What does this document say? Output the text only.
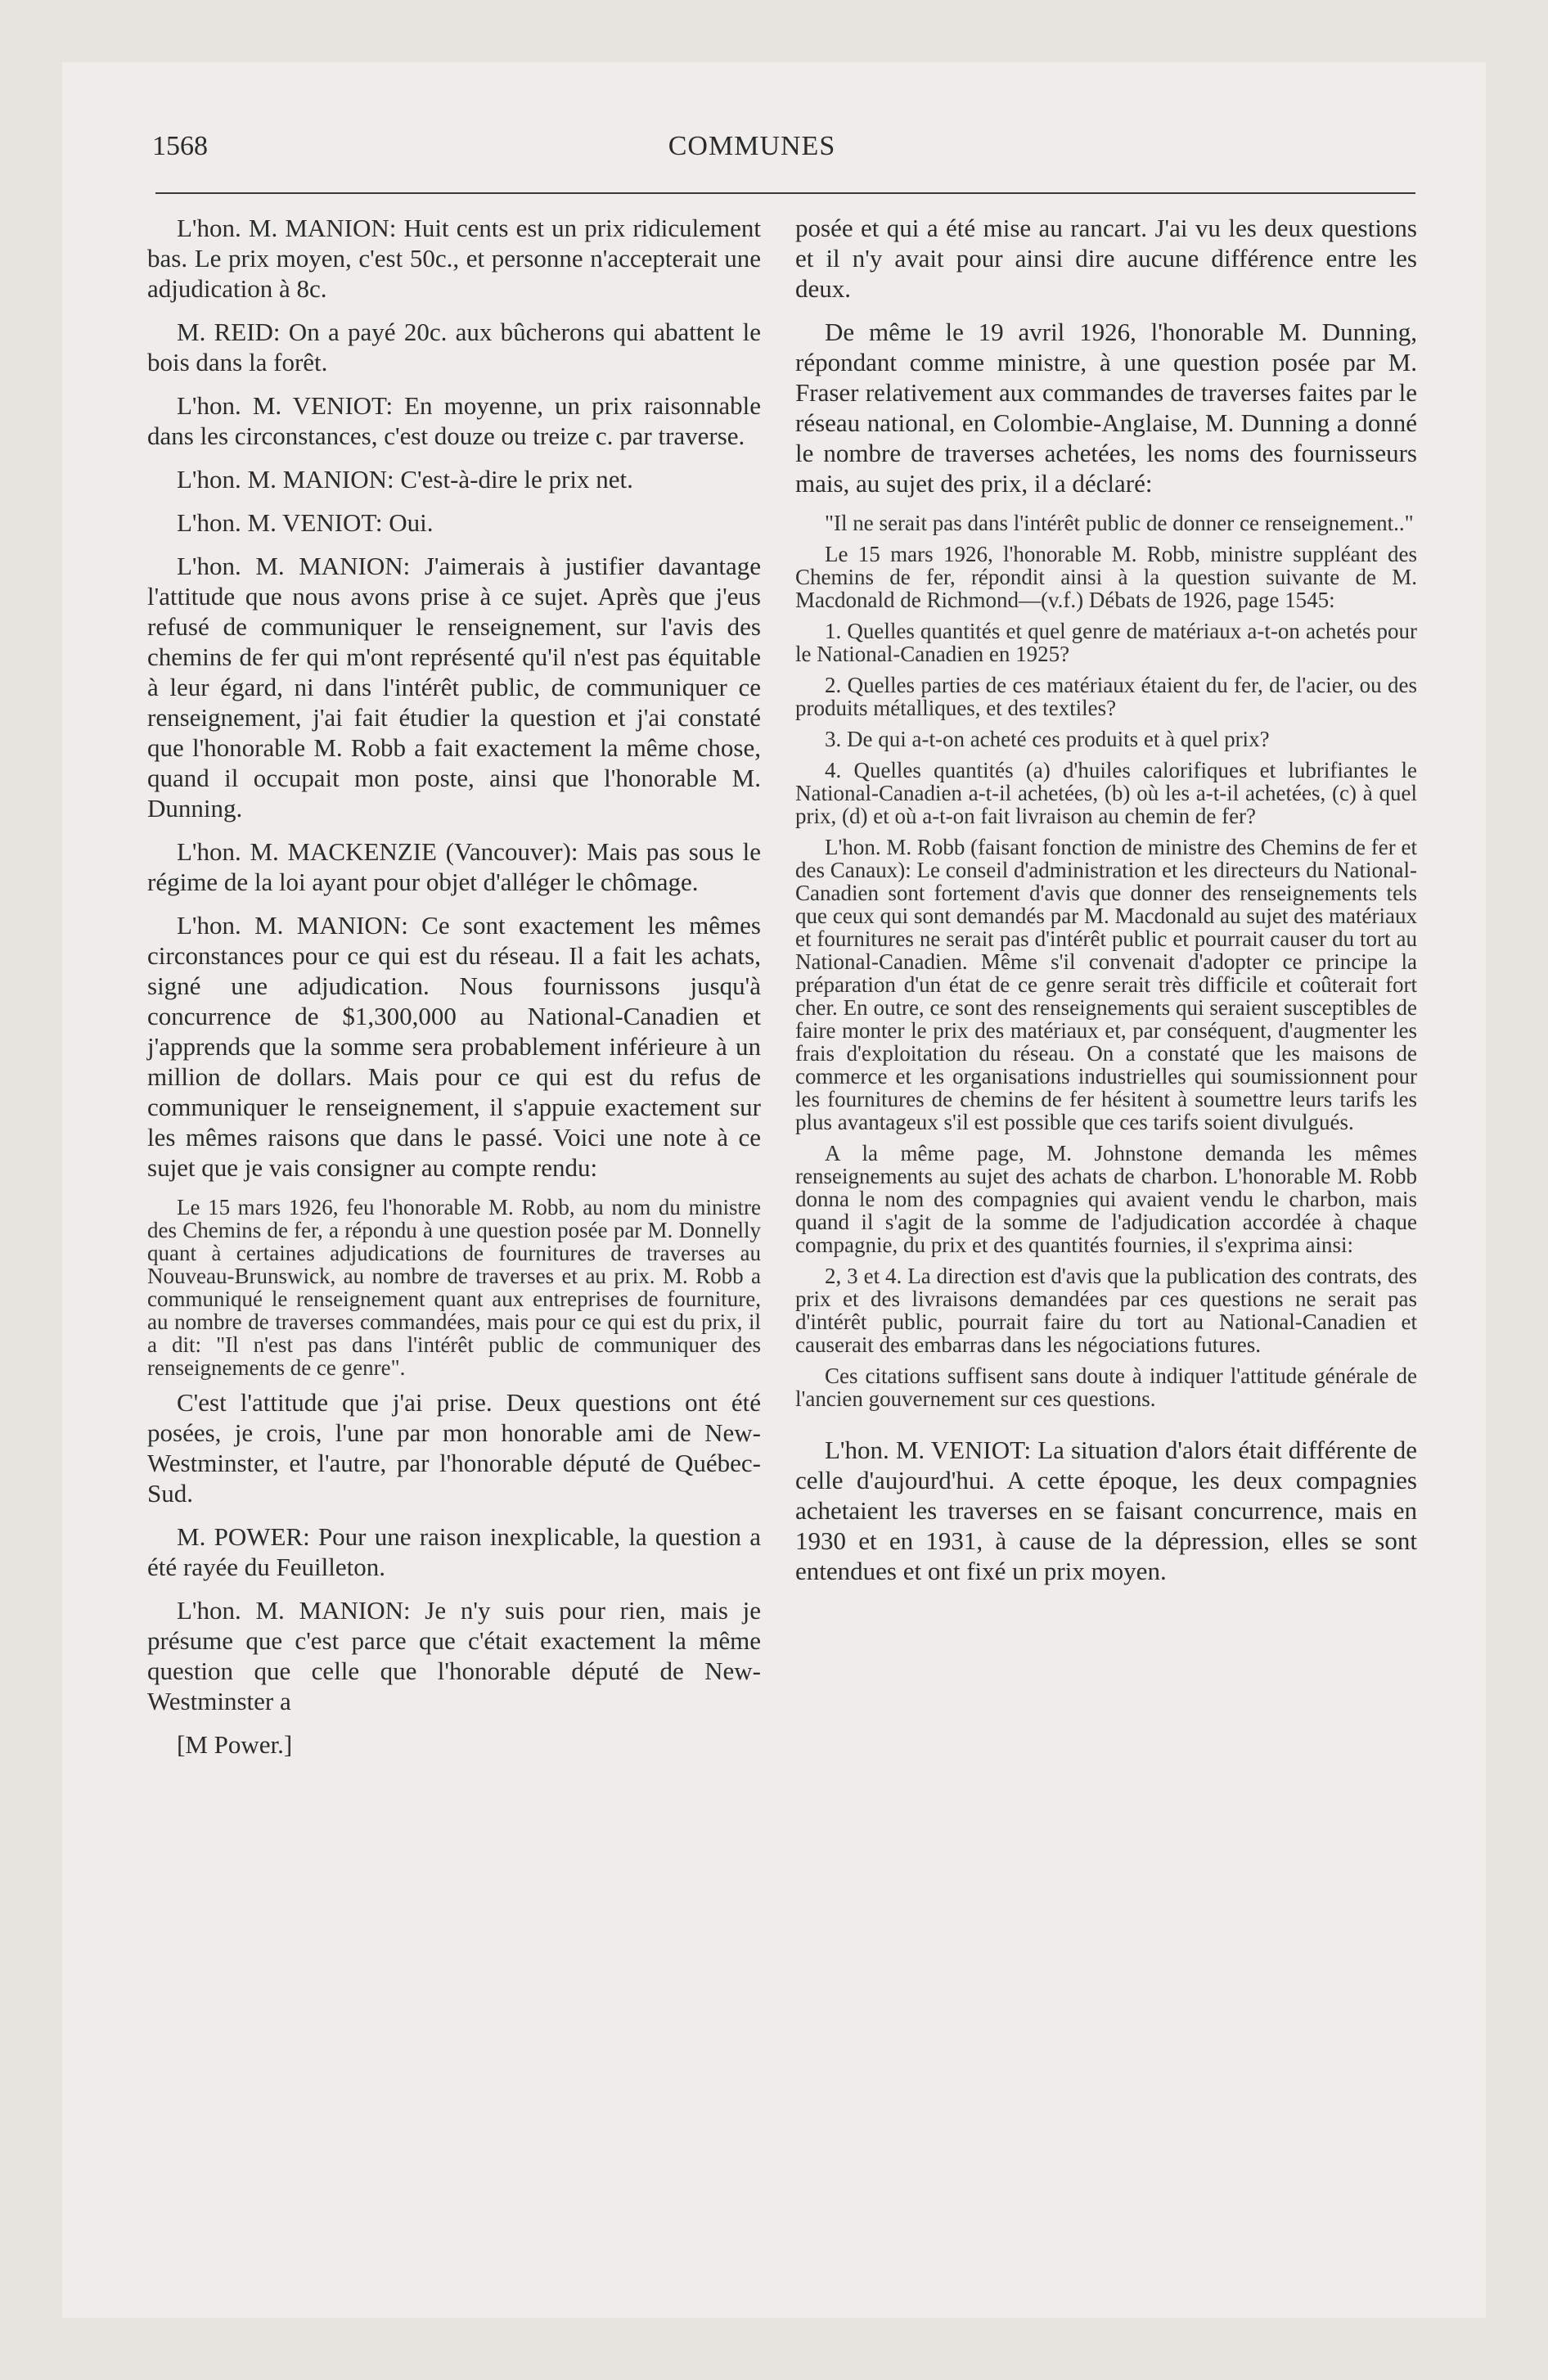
1568	COMMUNES

L'hon. M. MANION: Huit cents est un prix ridiculement bas. Le prix moyen, c'est 50c., et personne n'accepterait une adjudication à 8c.

M. REID: On a payé 20c. aux bûcherons qui abattent le bois dans la forêt.

L'hon. M. VENIOT: En moyenne, un prix raisonnable dans les circonstances, c'est douze ou treize c. par traverse.

L'hon. M. MANION: C'est-à-dire le prix net.

L'hon. M. VENIOT: Oui.

L'hon. M. MANION: J'aimerais à justifier davantage l'attitude que nous avons prise à ce sujet. Après que j'eus refusé de communiquer le renseignement, sur l'avis des chemins de fer qui m'ont représenté qu'il n'est pas équitable à leur égard, ni dans l'intérêt public, de communiquer ce renseignement, j'ai fait étudier la question et j'ai constaté que l'honorable M. Robb a fait exactement la même chose, quand il occupait mon poste, ainsi que l'honorable M. Dunning.

L'hon. M. MACKENZIE (Vancouver): Mais pas sous le régime de la loi ayant pour objet d'alléger le chômage.

L'hon. M. MANION: Ce sont exactement les mêmes circonstances pour ce qui est du réseau. Il a fait les achats, signé une adjudication. Nous fournissons jusqu'à concurrence de $1,300,000 au National-Canadien et j'apprends que la somme sera probablement inférieure à un million de dollars. Mais pour ce qui est du refus de communiquer le renseignement, il s'appuie exactement sur les mêmes raisons que dans le passé. Voici une note à ce sujet que je vais consigner au compte rendu:

Le 15 mars 1926, feu l'honorable M. Robb, au nom du ministre des Chemins de fer, a répondu à une question posée par M. Donnelly quant à certaines adjudications de fournitures de traverses au Nouveau-Brunswick, au nombre de traverses et au prix. M. Robb a communiqué le renseignement quant aux entreprises de fourniture, au nombre de traverses commandées, mais pour ce qui est du prix, il a dit: "Il n'est pas dans l'intérêt public de communiquer des renseignements de ce genre".

C'est l'attitude que j'ai prise. Deux questions ont été posées, je crois, l'une par mon honorable ami de New-Westminster, et l'autre, par l'honorable député de Québec-Sud.

M. POWER: Pour une raison inexplicable, la question a été rayée du Feuilleton.

L'hon. M. MANION: Je n'y suis pour rien, mais je présume que c'est parce que c'était exactement la même question que celle que l'honorable député de New-Westminster a

[M Power.]

posée et qui a été mise au rancart. J'ai vu les deux questions et il n'y avait pour ainsi dire aucune différence entre les deux.

De même le 19 avril 1926, l'honorable M. Dunning, répondant comme ministre, à une question posée par M. Fraser relativement aux commandes de traverses faites par le réseau national, en Colombie-Anglaise, M. Dunning a donné le nombre de traverses achetées, les noms des fournisseurs mais, au sujet des prix, il a déclaré:

"Il ne serait pas dans l'intérêt public de donner ce renseignement.."

Le 15 mars 1926, l'honorable M. Robb, ministre suppléant des Chemins de fer, répondit ainsi à la question suivante de M. Macdonald de Richmond—(v.f.) Débats de 1926, page 1545:

1. Quelles quantités et quel genre de matériaux a-t-on achetés pour le National-Canadien en 1925?

2. Quelles parties de ces matériaux étaient du fer, de l'acier, ou des produits métalliques, et des textiles?

3. De qui a-t-on acheté ces produits et à quel prix?

4. Quelles quantités (a) d'huiles calorifiques et lubrifiantes le National-Canadien a-t-il achetées, (b) où les a-t-il achetées, (c) à quel prix, (d) et où a-t-on fait livraison au chemin de fer?

L'hon. M. Robb (faisant fonction de ministre des Chemins de fer et des Canaux): Le conseil d'administration et les directeurs du National-Canadien sont fortement d'avis que donner des renseignements tels que ceux qui sont demandés par M. Macdonald au sujet des matériaux et fournitures ne serait pas d'intérêt public et pourrait causer du tort au National-Canadien. Même s'il convenait d'adopter ce principe la préparation d'un état de ce genre serait très difficile et coûterait fort cher. En outre, ce sont des renseignements qui seraient susceptibles de faire monter le prix des matériaux et, par conséquent, d'augmenter les frais d'exploitation du réseau. On a constaté que les maisons de commerce et les organisations industrielles qui soumissionnent pour les fournitures de chemins de fer hésitent à soumettre leurs tarifs les plus avantageux s'il est possible que ces tarifs soient divulgués.

A la même page, M. Johnstone demanda les mêmes renseignements au sujet des achats de charbon. L'honorable M. Robb donna le nom des compagnies qui avaient vendu le charbon, mais quand il s'agit de la somme de l'adjudication accordée à chaque compagnie, du prix et des quantités fournies, il s'exprima ainsi:

2, 3 et 4. La direction est d'avis que la publication des contrats, des prix et des livraisons demandées par ces questions ne serait pas d'intérêt public, pourrait faire du tort au National-Canadien et causerait des embarras dans les négociations futures.

Ces citations suffisent sans doute à indiquer l'attitude générale de l'ancien gouvernement sur ces questions.

L'hon. M. VENIOT: La situation d'alors était différente de celle d'aujourd'hui. A cette époque, les deux compagnies achetaient les traverses en se faisant concurrence, mais en 1930 et en 1931, à cause de la dépression, elles se sont entendues et ont fixé un prix moyen.
